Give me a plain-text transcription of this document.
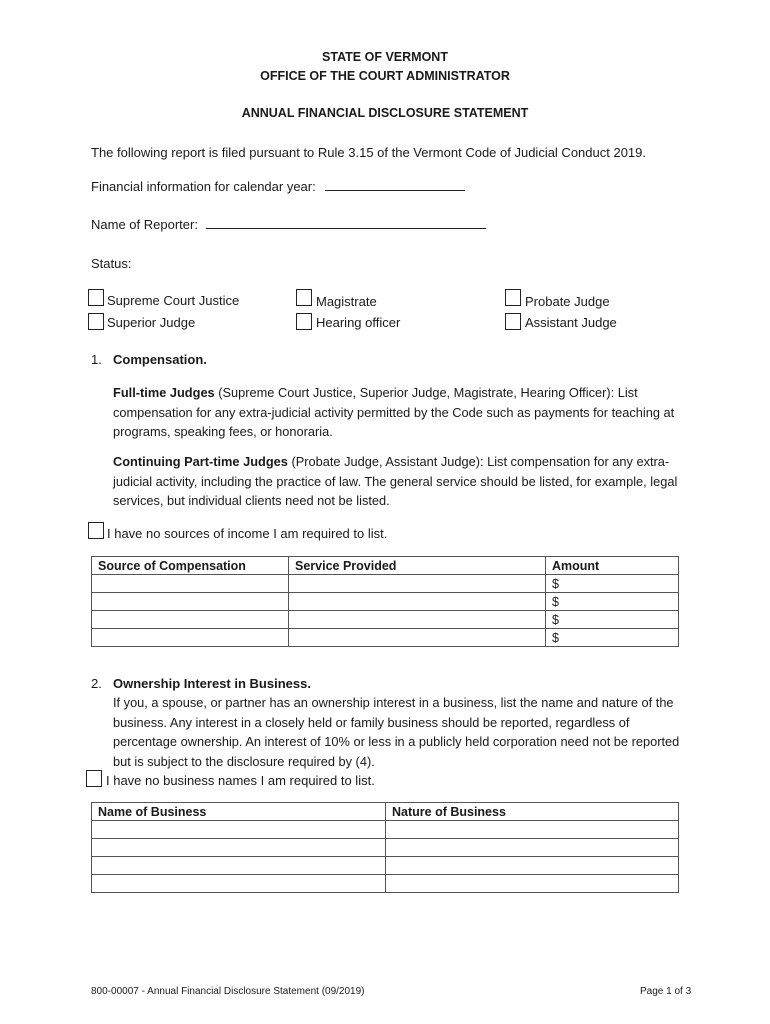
STATE OF VERMONT
OFFICE OF THE COURT ADMINISTRATOR
ANNUAL FINANCIAL DISCLOSURE STATEMENT
The following report is filed pursuant to Rule 3.15 of the Vermont Code of Judicial Conduct 2019.
Financial information for calendar year:
Name of Reporter:
Status:
Supreme Court Justice
Superior Judge
Magistrate
Hearing officer
Probate Judge
Assistant Judge
1. Compensation.
Full-time Judges (Supreme Court Justice, Superior Judge, Magistrate, Hearing Officer): List compensation for any extra-judicial activity permitted by the Code such as payments for teaching at programs, speaking fees, or honoraria.
Continuing Part-time Judges (Probate Judge, Assistant Judge): List compensation for any extra-judicial activity, including the practice of law. The general service should be listed, for example, legal services, but individual clients need not be listed.
I have no sources of income I am required to list.
Source of Compensation	Service Provided	Amount
		$
		$
		$
		$
2. Ownership Interest in Business.
If you, a spouse, or partner has an ownership interest in a business, list the name and nature of the business. Any interest in a closely held or family business should be reported, regardless of percentage ownership. An interest of 10% or less in a publicly held corporation need not be reported but is subject to the disclosure required by (4).
I have no business names I am required to list.
Name of Business	Nature of Business

800-00007 - Annual Financial Disclosure Statement (09/2019)	Page 1 of 3
